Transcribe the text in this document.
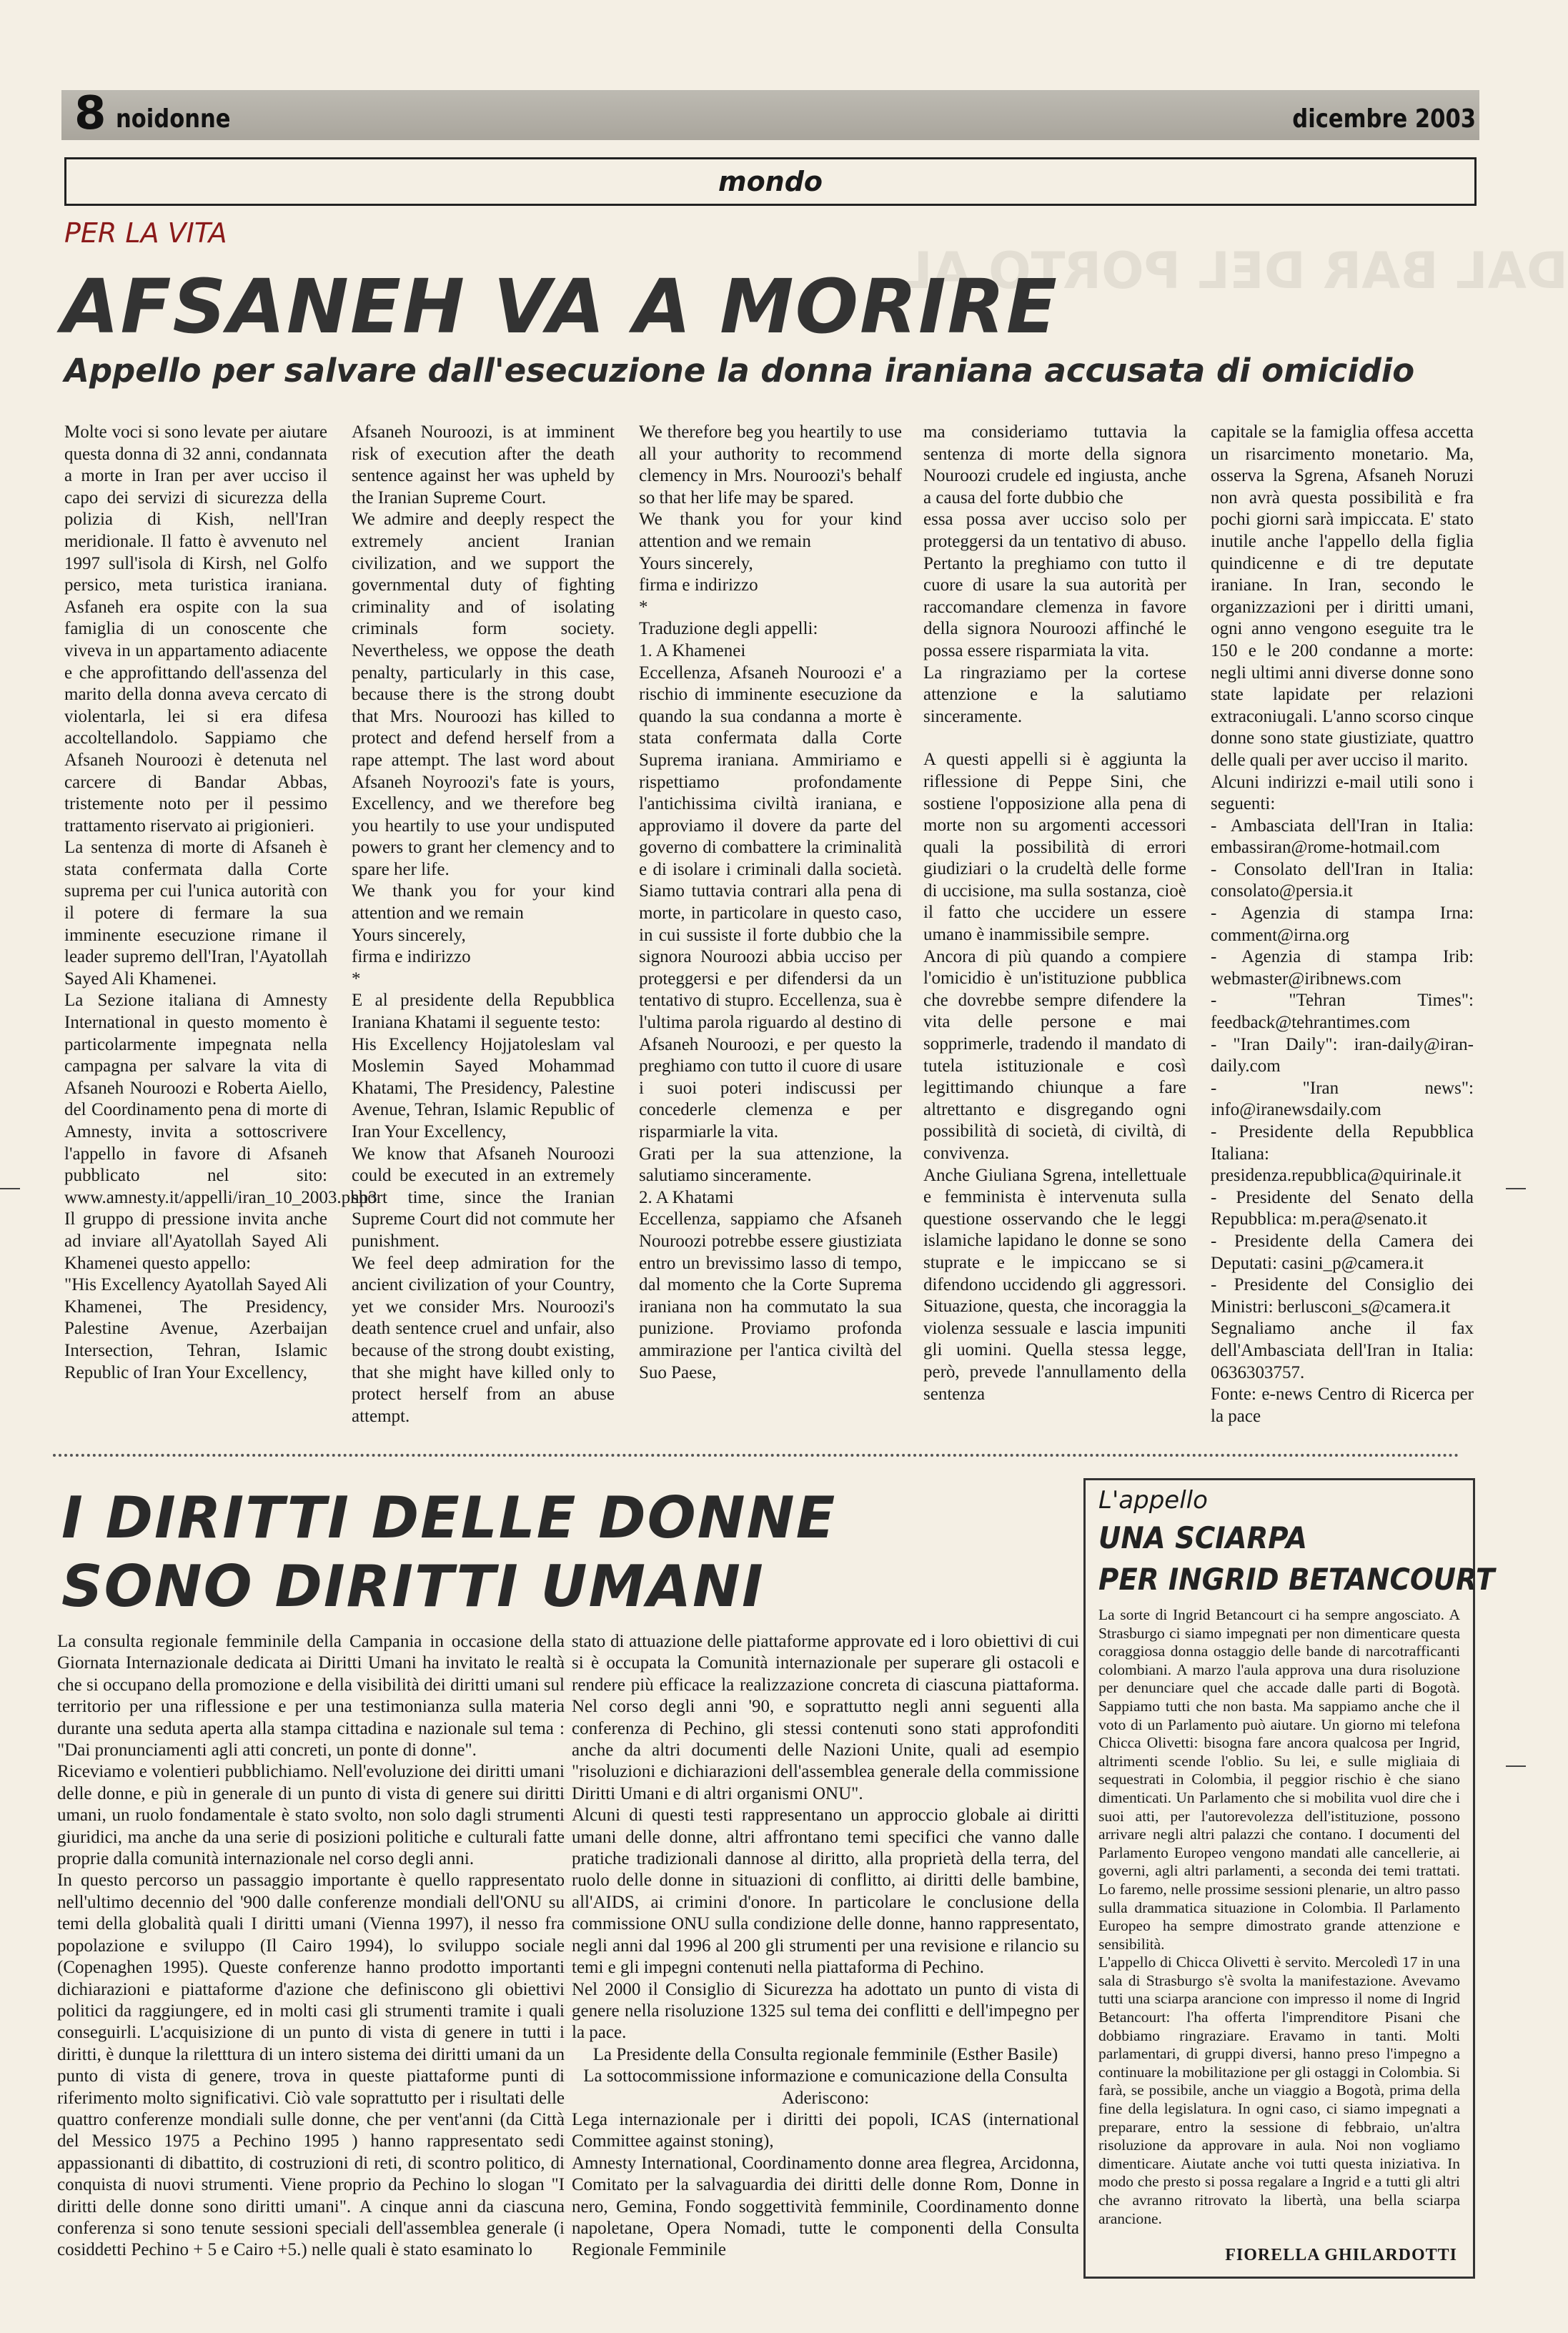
8 noidonne	dicembre 2003
mondo
DAL BAR DEL PORTO AL
PER LA VITA
AFSANEH VA A MORIRE
Appello per salvare dall'esecuzione la donna iraniana accusata di omicidio

Molte voci si sono levate per aiutare questa donna di 32 anni, condannata a morte in Iran per aver ucciso il capo dei servizi di sicurezza della polizia di Kish, nell'Iran meridionale. Il fatto è avvenuto nel 1997 sull'isola di Kirsh, nel Golfo persico, meta turistica iraniana. Asfaneh era ospite con la sua famiglia di un conoscente che viveva in un appartamento adiacente e che approfittando dell'assenza del marito della donna aveva cercato di violentarla, lei si era difesa accoltellandolo. Sappiamo che Afsaneh Nouroozi è detenuta nel carcere di Bandar Abbas, tristemente noto per il pessimo trattamento riservato ai prigionieri.

La sentenza di morte di Afsaneh è stata confermata dalla Corte suprema per cui l'unica autorità con il potere di fermare la sua imminente esecuzione rimane il leader supremo dell'Iran, l'Ayatollah Sayed Ali Khamenei.

La Sezione italiana di Amnesty International in questo momento è particolarmente impegnata nella campagna per salvare la vita di Afsaneh Nouroozi e Roberta Aiello, del Coordinamento pena di morte di Amnesty, invita a sottoscrivere l'appello in favore di Afsaneh pubblicato nel sito: www.amnesty.it/appelli/iran_10_2003.php3

Il gruppo di pressione invita anche ad inviare all'Ayatollah Sayed Ali Khamenei questo appello:

"His Excellency Ayatollah Sayed Ali Khamenei, The Presidency, Palestine Avenue, Azerbaijan Intersection, Tehran, Islamic Republic of Iran Your Excellency,

Afsaneh Nouroozi, is at imminent risk of execution after the death sentence against her was upheld by the Iranian Supreme Court.

We admire and deeply respect the extremely ancient Iranian civilization, and we support the governmental duty of fighting criminality and of isolating criminals form society. Nevertheless, we oppose the death penalty, particularly in this case, because there is the strong doubt that Mrs. Nouroozi has killed to protect and defend herself from a rape attempt. The last word about Afsaneh Noyroozi's fate is yours, Excellency, and we therefore beg you heartily to use your undisputed powers to grant her clemency and to spare her life.

We thank you for your kind attention and we remain

Yours sincerely,

firma e indirizzo

*

E al presidente della Repubblica Iraniana Khatami il seguente testo:

His Excellency Hojjatoleslam val Moslemin Sayed Mohammad Khatami, The Presidency, Palestine Avenue, Tehran, Islamic Republic of Iran Your Excellency,

We know that Afsaneh Nouroozi could be executed in an extremely short time, since the Iranian Supreme Court did not commute her punishment.

We feel deep admiration for the ancient civilization of your Country, yet we consider Mrs. Nouroozi's death sentence cruel and unfair, also because of the strong doubt existing, that she might have killed only to protect herself from an abuse attempt.

We therefore beg you heartily to use all your authority to recommend clemency in Mrs. Nouroozi's behalf so that her life may be spared.

We thank you for your kind attention and we remain

Yours sincerely,

firma e indirizzo

*

Traduzione degli appelli:

1. A Khamenei

Eccellenza, Afsaneh Nouroozi e' a rischio di imminente esecuzione da quando la sua condanna a morte è stata confermata dalla Corte Suprema iraniana. Ammiriamo e rispettiamo profondamente l'antichissima civiltà iraniana, e approviamo il dovere da parte del governo di combattere la criminalità e di isolare i criminali dalla società. Siamo tuttavia contrari alla pena di morte, in particolare in questo caso, in cui sussiste il forte dubbio che la signora Nouroozi abbia ucciso per proteggersi e per difendersi da un tentativo di stupro. Eccellenza, sua è l'ultima parola riguardo al destino di Afsaneh Nouroozi, e per questo la preghiamo con tutto il cuore di usare i suoi poteri indiscussi per concederle clemenza e per risparmiarle la vita.

Grati per la sua attenzione, la salutiamo sinceramente.

2. A Khatami

Eccellenza, sappiamo che Afsaneh Nouroozi potrebbe essere giustiziata entro un brevissimo lasso di tempo, dal momento che la Corte Suprema iraniana non ha commutato la sua punizione. Proviamo profonda ammirazione per l'antica civiltà del Suo Paese,

ma consideriamo tuttavia la sentenza di morte della signora Nouroozi crudele ed ingiusta, anche a causa del forte dubbio che

essa possa aver ucciso solo per proteggersi da un tentativo di abuso. Pertanto la preghiamo con tutto il cuore di usare la sua autorità per raccomandare clemenza in favore della signora Nouroozi affinché le possa essere risparmiata la vita.

La ringraziamo per la cortese attenzione e la salutiamo sinceramente.

A questi appelli si è aggiunta la riflessione di Peppe Sini, che sostiene l'opposizione alla pena di morte non su argomenti accessori quali la possibilità di errori giudiziari o la crudeltà delle forme di uccisione, ma sulla sostanza, cioè il fatto che uccidere un essere umano è inammissibile sempre.

Ancora di più quando a compiere l'omicidio è un'istituzione pubblica che dovrebbe sempre difendere la vita delle persone e mai sopprimerle, tradendo il mandato di tutela istituzionale e così legittimando chiunque a fare altrettanto e disgregando ogni possibilità di società, di civiltà, di convivenza.

Anche Giuliana Sgrena, intellettuale e femminista è intervenuta sulla questione osservando che le leggi islamiche lapidano le donne se sono stuprate e le impiccano se si difendono uccidendo gli aggressori. Situazione, questa, che incoraggia la violenza sessuale e lascia impuniti gli uomini. Quella stessa legge, però, prevede l'annullamento della sentenza

capitale se la famiglia offesa accetta un risarcimento monetario. Ma, osserva la Sgrena, Afsaneh Noruzi non avrà questa possibilità e fra pochi giorni sarà impiccata. E' stato inutile anche l'appello della figlia quindicenne e di tre deputate iraniane. In Iran, secondo le organizzazioni per i diritti umani, ogni anno vengono eseguite tra le 150 e le 200 condanne a morte: negli ultimi anni diverse donne sono state lapidate per relazioni extraconiugali. L'anno scorso cinque donne sono state giustiziate, quattro delle quali per aver ucciso il marito.

Alcuni indirizzi e-mail utili sono i seguenti:

- Ambasciata dell'Iran in Italia: embassiran@rome-hotmail.com

- Consolato dell'Iran in Italia: consolato@persia.it

- Agenzia di stampa Irna: comment@irna.org

- Agenzia di stampa Irib: webmaster@iribnews.com

- "Tehran Times": feedback@tehrantimes.com

- "Iran Daily": iran-daily@iran-daily.com

- "Iran news": info@iranewsdaily.com

- Presidente della Repubblica Italiana: presidenza.repubblica@quirinale.it

- Presidente del Senato della Repubblica: m.pera@senato.it

- Presidente della Camera dei Deputati: casini_p@camera.it

- Presidente del Consiglio dei Ministri: berlusconi_s@camera.it

Segnaliamo anche il fax dell'Ambasciata dell'Iran in Italia: 0636303757.

Fonte: e-news Centro di Ricerca per la pace

I DIRITTI DELLE DONNE
SONO DIRITTI UMANI

La consulta regionale femminile della Campania in occasione della Giornata Internazionale dedicata ai Diritti Umani ha invitato le realtà che si occupano della promozione e della visibilità dei diritti umani sul territorio per una riflessione e per una testimonianza sulla materia durante una seduta aperta alla stampa cittadina e nazionale sul tema : "Dai pronunciamenti agli atti concreti, un ponte di donne".

Riceviamo e volentieri pubblichiamo. Nell'evoluzione dei diritti umani delle donne, e più in generale di un punto di vista di genere sui diritti umani, un ruolo fondamentale è stato svolto, non solo dagli strumenti giuridici, ma anche da una serie di posizioni politiche e culturali fatte proprie dalla comunità internazionale nel corso degli anni.

In questo percorso un passaggio importante è quello rappresentato nell'ultimo decennio del '900 dalle conferenze mondiali dell'ONU su temi della globalità quali I diritti umani (Vienna 1997), il nesso fra popolazione e sviluppo (Il Cairo 1994), lo sviluppo sociale (Copenaghen 1995). Queste conferenze hanno prodotto importanti dichiarazioni e piattaforme d'azione che definiscono gli obiettivi politici da raggiungere, ed in molti casi gli strumenti tramite i quali conseguirli. L'acquisizione di un punto di vista di genere in tutti i diritti, è dunque la riletttura di un intero sistema dei diritti umani da un punto di vista di genere, trova in queste piattaforme punti di riferimento molto significativi. Ciò vale soprattutto per i risultati delle quattro conferenze mondiali sulle donne, che per vent'anni (da Città del Messico 1975 a Pechino 1995 ) hanno rappresentato sedi appassionanti di dibattito, di costruzioni di reti, di scontro politico, di conquista di nuovi strumenti. Viene proprio da Pechino lo slogan "I diritti delle donne sono diritti umani". A cinque anni da ciascuna conferenza si sono tenute sessioni speciali dell'assemblea generale (i cosiddetti Pechino + 5 e Cairo +5.) nelle quali è stato esaminato lo

stato di attuazione delle piattaforme approvate ed i loro obiettivi di cui si è occupata la Comunità internazionale per superare gli ostacoli e rendere più efficace la realizzazione concreta di ciascuna piattaforma. Nel corso degli anni '90, e soprattutto negli anni seguenti alla conferenza di Pechino, gli stessi contenuti sono stati approfonditi anche da altri documenti delle Nazioni Unite, quali ad esempio "risoluzioni e dichiarazioni dell'assemblea generale della commissione Diritti Umani e di altri organismi ONU".

Alcuni di questi testi rappresentano un approccio globale ai diritti umani delle donne, altri affrontano temi specifici che vanno dalle pratiche tradizionali dannose al diritto, alla proprietà della terra, del ruolo delle donne in situazioni di conflitto, ai diritti delle bambine, all'AIDS, ai crimini d'onore. In particolare le conclusione della commissione ONU sulla condizione delle donne, hanno rappresentato, negli anni dal 1996 al 200 gli strumenti per una revisione e rilancio su temi e gli impegni contenuti nella piattaforma di Pechino.

Nel 2000 il Consiglio di Sicurezza ha adottato un punto di vista di genere nella risoluzione 1325 sul tema dei conflitti e dell'impegno per la pace.

La Presidente della Consulta regionale femminile (Esther Basile)

La sottocommissione informazione e comunicazione della Consulta Aderiscono:

Lega internazionale per i diritti dei popoli, ICAS (international Committee against stoning),

Amnesty International, Coordinamento donne area flegrea, Arcidonna, Comitato per la salvaguardia dei diritti delle donne Rom, Donne in nero, Gemina, Fondo soggettività femminile, Coordinamento donne napoletane, Opera Nomadi, tutte le componenti della Consulta Regionale Femminile

L'appello
UNA SCIARPA
PER INGRID BETANCOURT

La sorte di Ingrid Betancourt ci ha sempre angosciato. A Strasburgo ci siamo impegnati per non dimenticare questa coraggiosa donna ostaggio delle bande di narcotrafficanti colombiani. A marzo l'aula approva una dura risoluzione per denunciare quel che accade dalle parti di Bogotà. Sappiamo tutti che non basta. Ma sappiamo anche che il voto di un Parlamento può aiutare. Un giorno mi telefona Chicca Olivetti: bisogna fare ancora qualcosa per Ingrid, altrimenti scende l'oblio. Su lei, e sulle migliaia di sequestrati in Colombia, il peggior rischio è che siano dimenticati. Un Parlamento che si mobilita vuol dire che i suoi atti, per l'autorevolezza dell'istituzione, possono arrivare negli altri palazzi che contano. I documenti del Parlamento Europeo vengono mandati alle cancellerie, ai governi, agli altri parlamenti, a seconda dei temi trattati. Lo faremo, nelle prossime sessioni plenarie, un altro passo sulla drammatica situazione in Colombia. Il Parlamento Europeo ha sempre dimostrato grande attenzione e sensibilità.

L'appello di Chicca Olivetti è servito. Mercoledì 17 in una sala di Strasburgo s'è svolta la manifestazione. Avevamo tutti una sciarpa arancione con impresso il nome di Ingrid Betancourt: l'ha offerta l'imprenditore Pisani che dobbiamo ringraziare. Eravamo in tanti. Molti parlamentari, di gruppi diversi, hanno preso l'impegno a continuare la mobilitazione per gli ostaggi in Colombia. Si farà, se possibile, anche un viaggio a Bogotà, prima della fine della legislatura. In ogni caso, ci siamo impegnati a preparare, entro la sessione di febbraio, un'altra risoluzione da approvare in aula. Noi non vogliamo dimenticare. Aiutate anche voi tutti questa iniziativa. In modo che presto si possa regalare a Ingrid e a tutti gli altri che avranno ritrovato la libertà, una bella sciarpa arancione.

FIORELLA GHILARDOTTI
